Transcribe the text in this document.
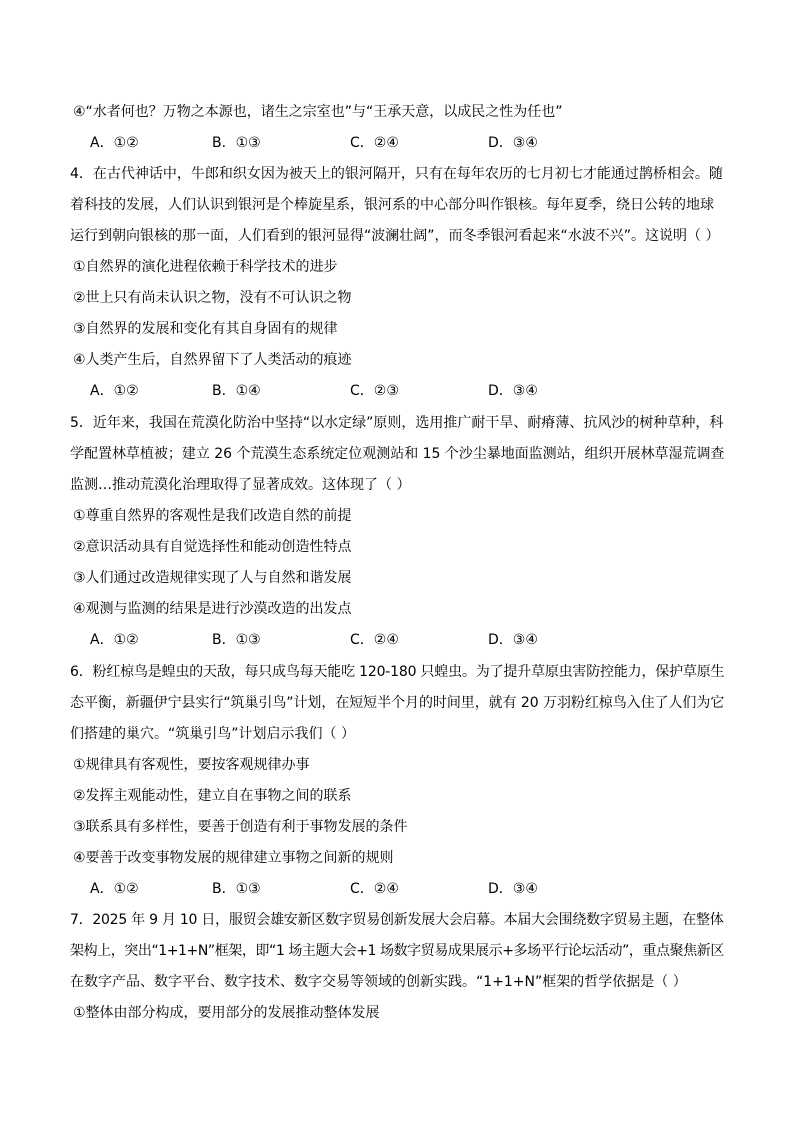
④“水者何也？万物之本源也，诸生之宗室也”与“王承天意，以成民之性为任也”
A．①②	B．①③	C．②④	D．③④
4．在古代神话中，牛郎和织女因为被天上的银河隔开，只有在每年农历的七月初七才能通过鹊桥相会。随
着科技的发展，人们认识到银河是个棒旋星系，银河系的中心部分叫作银核。每年夏季，绕日公转的地球
运行到朝向银核的那一面，人们看到的银河显得“波澜壮阔”，而冬季银河看起来“水波不兴”。这说明（ ）
①自然界的演化进程依赖于科学技术的进步
②世上只有尚未认识之物，没有不可认识之物
③自然界的发展和变化有其自身固有的规律
④人类产生后，自然界留下了人类活动的痕迹
A．①②	B．①④	C．②③	D．③④
5．近年来，我国在荒漠化防治中坚持“以水定绿”原则，选用推广耐干旱、耐瘠薄、抗风沙的树种草种，科
学配置林草植被；建立 26 个荒漠生态系统定位观测站和 15 个沙尘暴地面监测站，组织开展林草湿荒调查
监测…推动荒漠化治理取得了显著成效。这体现了（ ）
①尊重自然界的客观性是我们改造自然的前提
②意识活动具有自觉选择性和能动创造性特点
③人们通过改造规律实现了人与自然和谐发展
④观测与监测的结果是进行沙漠改造的出发点
A．①②	B．①③	C．②④	D．③④
6．粉红椋鸟是蝗虫的天敌，每只成鸟每天能吃 120-180 只蝗虫。为了提升草原虫害防控能力，保护草原生
态平衡，新疆伊宁县实行“筑巢引鸟”计划，在短短半个月的时间里，就有 20 万羽粉红椋鸟入住了人们为它
们搭建的巢穴。“筑巢引鸟”计划启示我们（ ）
①规律具有客观性，要按客观规律办事
②发挥主观能动性，建立自在事物之间的联系
③联系具有多样性，要善于创造有利于事物发展的条件
④要善于改变事物发展的规律建立事物之间新的规则
A．①②	B．①③	C．②④	D．③④
7．2025 年 9 月 10 日，服贸会雄安新区数字贸易创新发展大会启幕。本届大会围绕数字贸易主题，在整体
架构上，突出“1+1+N”框架，即“1 场主题大会+1 场数字贸易成果展示+多场平行论坛活动”，重点聚焦新区
在数字产品、数字平台、数字技术、数字交易等领域的创新实践。“1+1+N”框架的哲学依据是（ ）
①整体由部分构成，要用部分的发展推动整体发展
